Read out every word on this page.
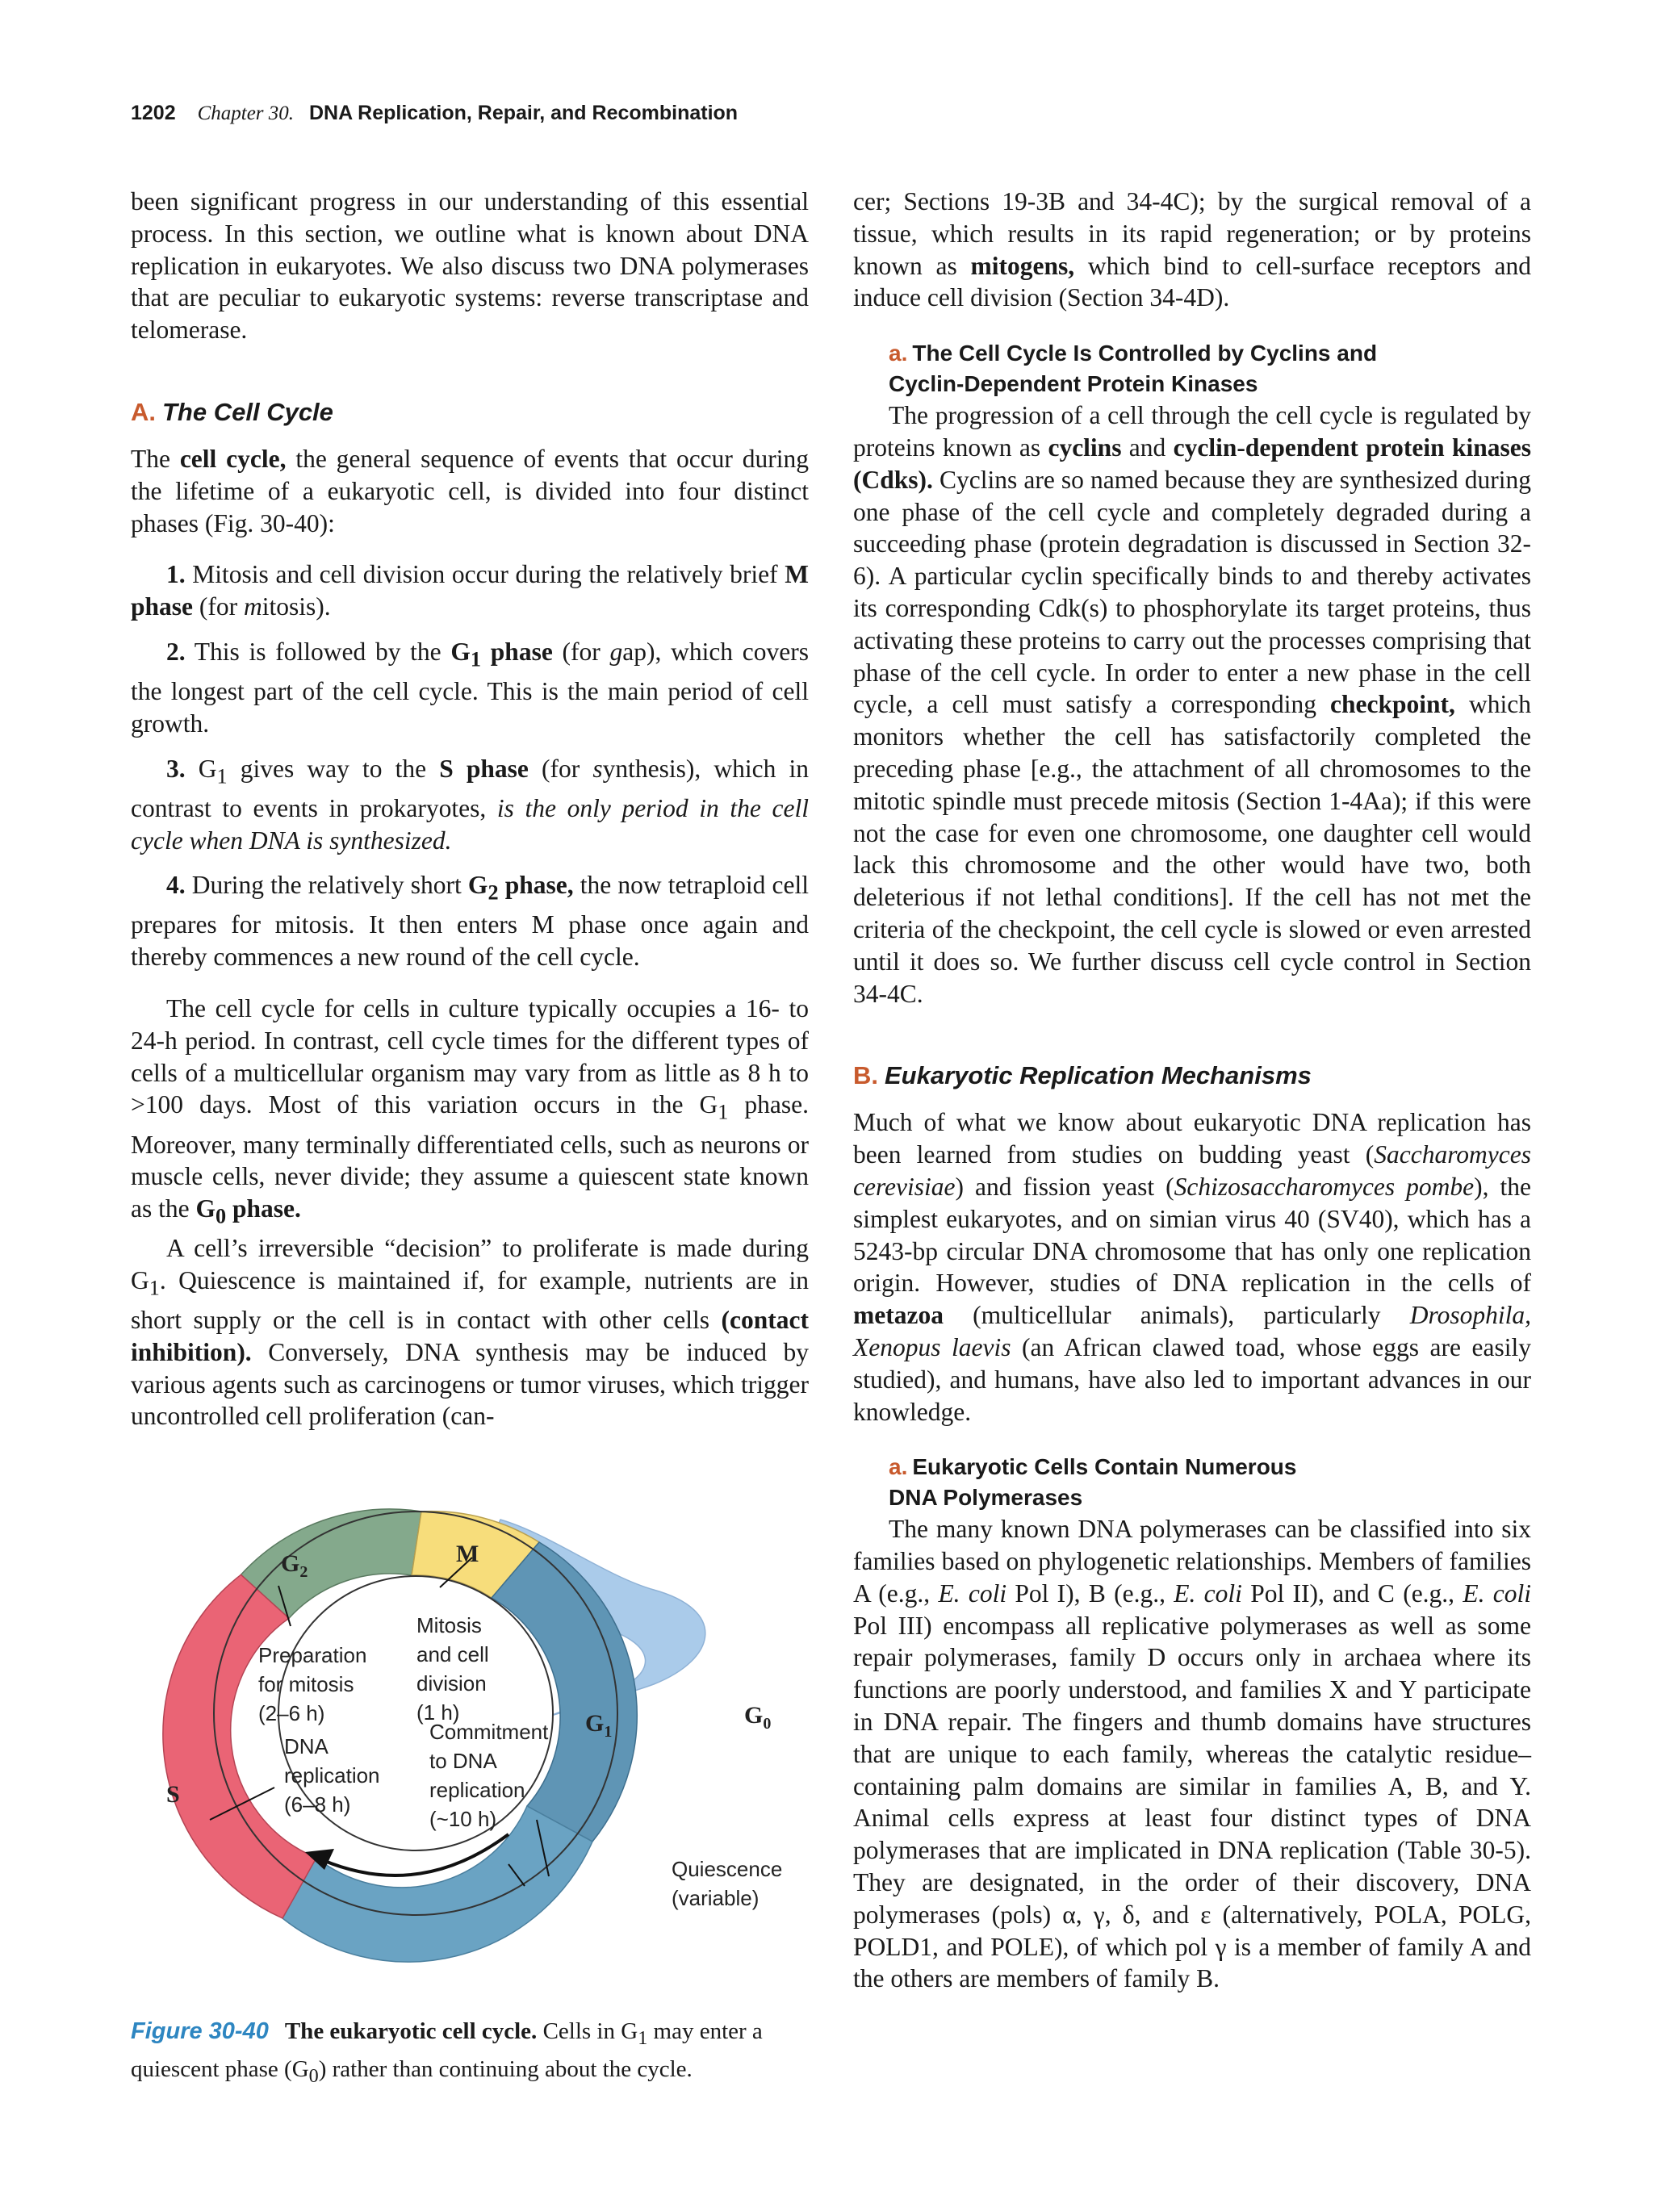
1202 Chapter 30. DNA Replication, Repair, and Recombination

been significant progress in our understanding of this essential process. In this section, we outline what is known about DNA replication in eukaryotes. We also discuss two DNA polymerases that are peculiar to eukaryotic systems: reverse transcriptase and telomerase.

A. The Cell Cycle

The cell cycle, the general sequence of events that occur during the lifetime of a eukaryotic cell, is divided into four distinct phases (Fig. 30-40):

1. Mitosis and cell division occur during the relatively brief M phase (for mitosis).

2. This is followed by the $G_1$ phase (for gap), which covers the longest part of the cell cycle. This is the main period of cell growth.

3. $G_1$ gives way to the S phase (for synthesis), which in contrast to events in prokaryotes, is the only period in the cell cycle when DNA is synthesized.

4. During the relatively short $G_2$ phase, the now tetraploid cell prepares for mitosis. It then enters M phase once again and thereby commences a new round of the cell cycle.

The cell cycle for cells in culture typically occupies a 16- to 24-h period. In contrast, cell cycle times for the different types of cells of a multicellular organism may vary from as little as 8 h to >100 days. Most of this variation occurs in the $G_1$ phase. Moreover, many terminally differentiated cells, such as neurons or muscle cells, never divide; they assume a quiescent state known as the $G_0$ phase.

A cell’s irreversible “decision” to proliferate is made during $G_1$. Quiescence is maintained if, for example, nutrients are in short supply or the cell is in contact with other cells (contact inhibition). Conversely, DNA synthesis may be induced by various agents such as carcinogens or tumor viruses, which trigger uncontrolled cell proliferation (can-

cer; Sections 19-3B and 34-4C); by the surgical removal of a tissue, which results in its rapid regeneration; or by proteins known as mitogens, which bind to cell-surface receptors and induce cell division (Section 34-4D).

a. The Cell Cycle Is Controlled by Cyclins and
Cyclin-Dependent Protein Kinases

The progression of a cell through the cell cycle is regulated by proteins known as cyclins and cyclin-dependent protein kinases (Cdks). Cyclins are so named because they are synthesized during one phase of the cell cycle and completely degraded during a succeeding phase (protein degradation is discussed in Section 32-6). A particular cyclin specifically binds to and thereby activates its corresponding Cdk(s) to phosphorylate its target proteins, thus activating these proteins to carry out the processes comprising that phase of the cell cycle. In order to enter a new phase in the cell cycle, a cell must satisfy a corresponding checkpoint, which monitors whether the cell has satisfactorily completed the preceding phase [e.g., the attachment of all chromosomes to the mitotic spindle must precede mitosis (Section 1-4Aa); if this were not the case for even one chromosome, one daughter cell would lack this chromosome and the other would have two, both deleterious if not lethal conditions]. If the cell has not met the criteria of the checkpoint, the cell cycle is slowed or even arrested until it does so. We further discuss cell cycle control in Section 34-4C.

B. Eukaryotic Replication Mechanisms

Much of what we know about eukaryotic DNA replication has been learned from studies on budding yeast (Saccharomyces cerevisiae) and fission yeast (Schizosaccharomyces pombe), the simplest eukaryotes, and on simian virus 40 (SV40), which has a 5243-bp circular DNA chromosome that has only one replication origin. However, studies of DNA replication in the cells of metazoa (multicellular animals), particularly Drosophila, Xenopus laevis (an African clawed toad, whose eggs are easily studied), and humans, have also led to important advances in our knowledge.

a. Eukaryotic Cells Contain Numerous
DNA Polymerases

The many known DNA polymerases can be classified into six families based on phylogenetic relationships. Members of families A (e.g., E. coli Pol I), B (e.g., E. coli Pol II), and C (e.g., E. coli Pol III) encompass all replicative polymerases as well as some repair polymerases, family D occurs only in archaea where its functions are poorly understood, and families X and Y participate in DNA repair. The fingers and thumb domains have structures that are unique to each family, whereas the catalytic residue–containing palm domains are similar in families A, B, and Y. Animal cells express at least four distinct types of DNA polymerases that are implicated in DNA replication (Table 30-5). They are designated, in the order of their discovery, DNA polymerases (pols) α, γ, δ, and ε (alternatively, POLA, POLG, POLD1, and POLE), of which pol γ is a member of family A and the others are members of family B.

$G_2$
M
$G_1$
S
$G_0$
Preparation for mitosis (2–6 h)
Mitosis and cell division (1 h)
DNA replication (6–8 h)
Commitment to DNA replication (~10 h)
Quiescence (variable)
Figure 30-40 The eukaryotic cell cycle. Cells in $G_1$ may enter a quiescent phase $(G_0)$ rather than continuing about the cycle.
